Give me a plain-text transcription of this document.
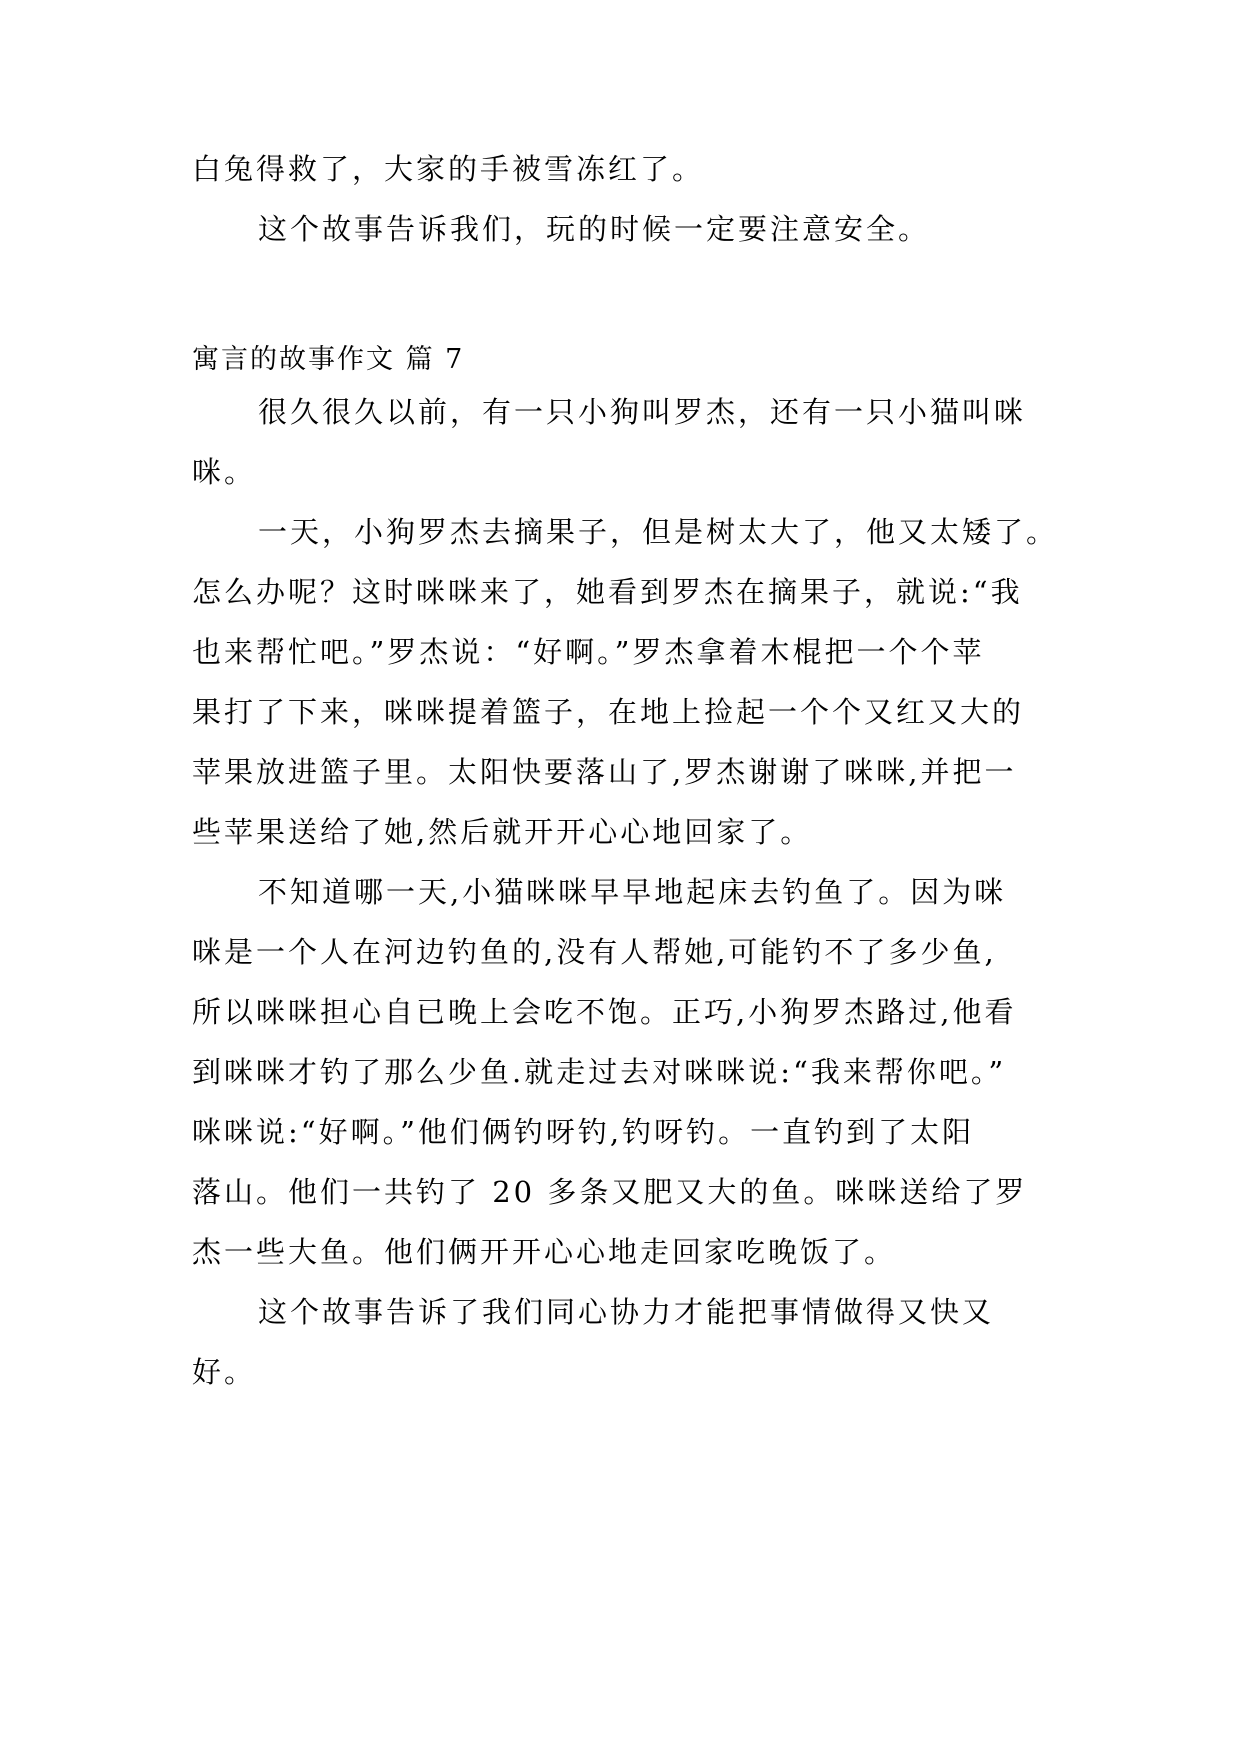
白兔得救了，大家的手被雪冻红了。
这个故事告诉我们，玩的时候一定要注意安全。
寓言的故事作文 篇 7
很久很久以前，有一只小狗叫罗杰，还有一只小猫叫咪
咪。
一天，小狗罗杰去摘果子，但是树太大了，他又太矮了。
怎么办呢？这时咪咪来了，她看到罗杰在摘果子，就说:“我
也来帮忙吧。”罗杰说：“好啊。”罗杰拿着木棍把一个个苹
果打了下来，咪咪提着篮子，在地上捡起一个个又红又大的
苹果放进篮子里。太阳快要落山了,罗杰谢谢了咪咪,并把一
些苹果送给了她,然后就开开心心地回家了。
不知道哪一天,小猫咪咪早早地起床去钓鱼了。因为咪
咪是一个人在河边钓鱼的,没有人帮她,可能钓不了多少鱼,
所以咪咪担心自已晚上会吃不饱。正巧,小狗罗杰路过,他看
到咪咪才钓了那么少鱼.就走过去对咪咪说:“我来帮你吧。”
咪咪说:“好啊。”他们俩钓呀钓,钓呀钓。一直钓到了太阳
落山。他们一共钓了 20 多条又肥又大的鱼。咪咪送给了罗
杰一些大鱼。他们俩开开心心地走回家吃晚饭了。
这个故事告诉了我们同心协力才能把事情做得又快又
好。
